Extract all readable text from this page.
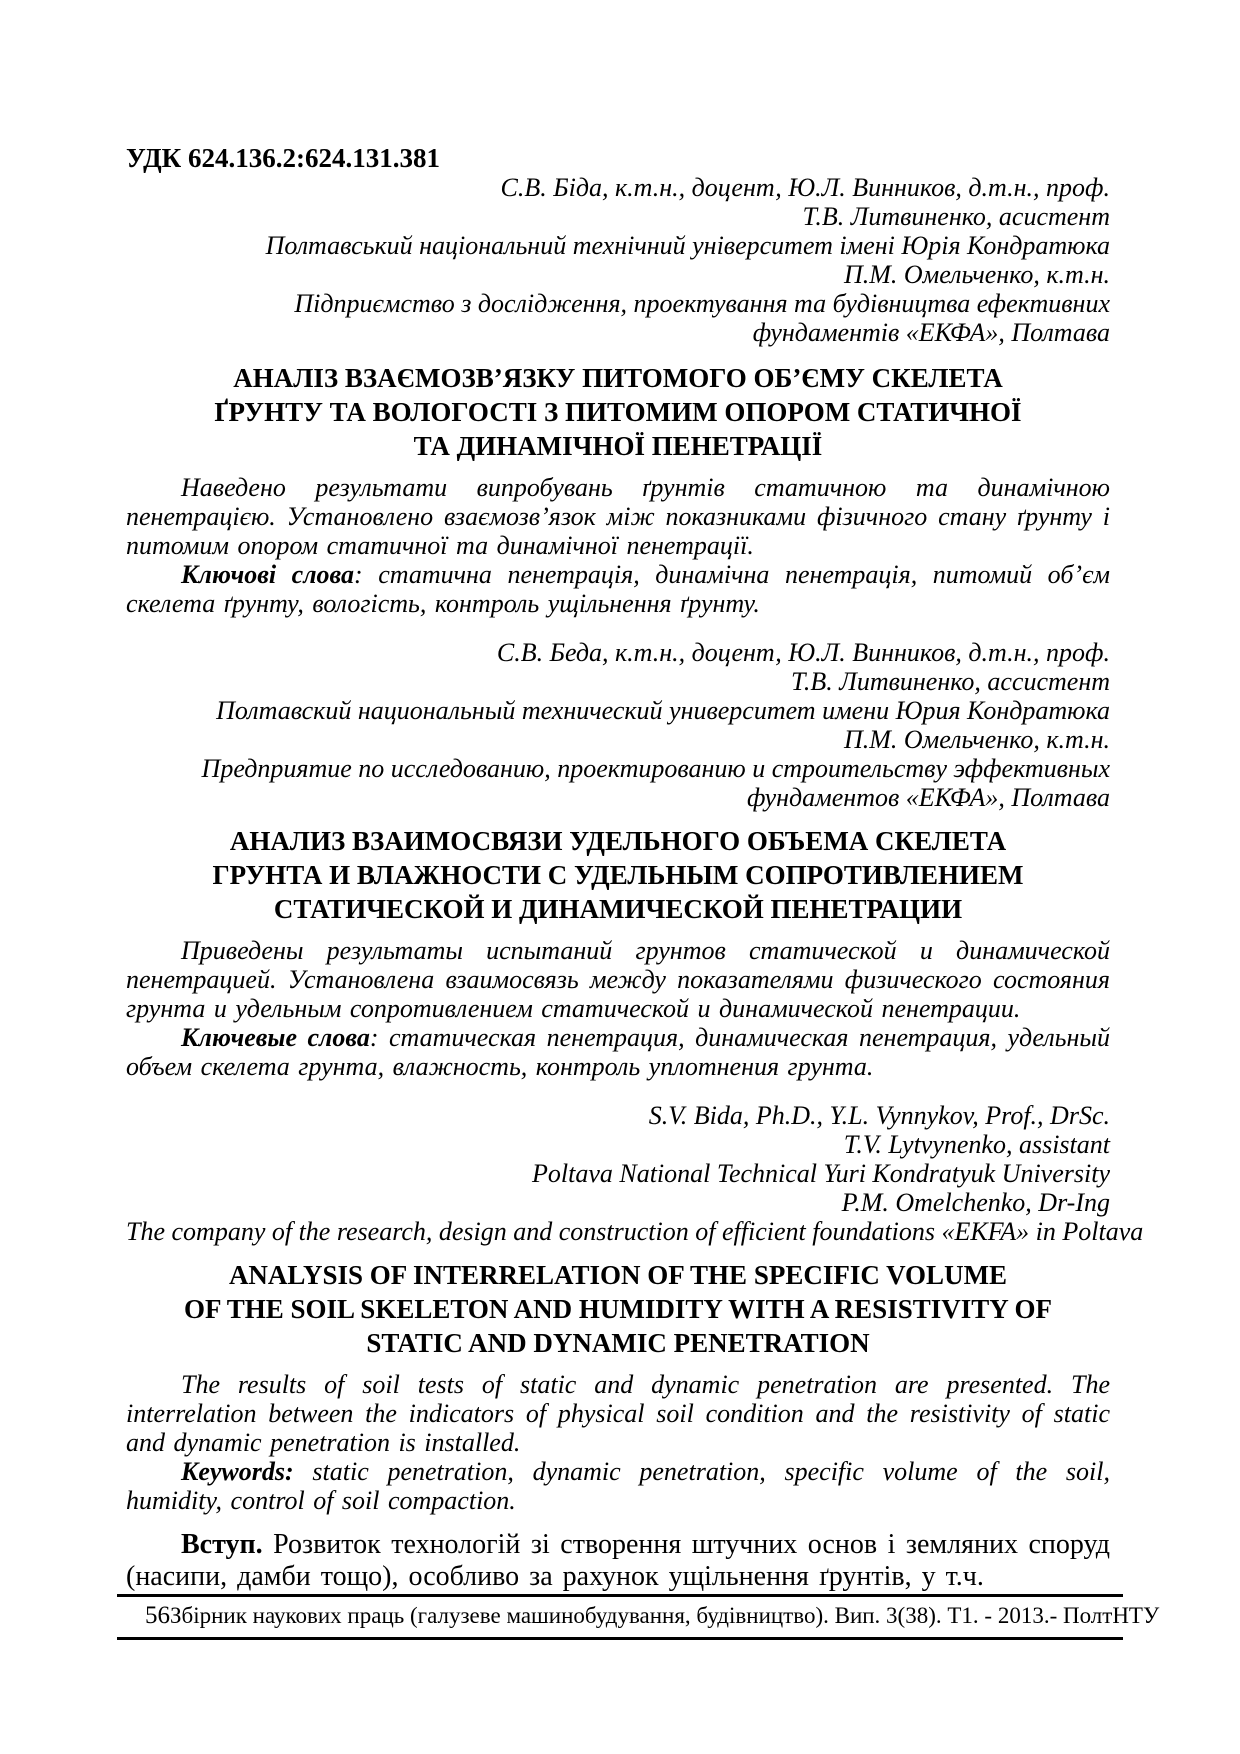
УДК 624.136.2:624.131.381
С.В. Біда, к.т.н., доцент, Ю.Л. Винников, д.т.н., проф.
Т.В. Литвиненко, асистент
Полтавський національний технічний університет імені Юрія Кондратюка
П.М. Омельченко, к.т.н.
Підприємство з дослідження, проектування та будівництва ефективних
фундаментів «ЕКФА», Полтава
АНАЛІЗ ВЗАЄМОЗВ’ЯЗКУ ПИТОМОГО ОБ’ЄМУ СКЕЛЕТА
ҐРУНТУ ТА ВОЛОГОСТІ З ПИТОМИМ ОПОРОМ СТАТИЧНОЇ
ТА ДИНАМІЧНОЇ ПЕНЕТРАЦІЇ

Наведено результати випробувань ґрунтів статичною та динамічною пенетрацією. Установлено взаємозв’язок між показниками фізичного стану ґрунту і питомим опором статичної та динамічної пенетрації.

Ключові слова: статична пенетрація, динамічна пенетрація, питомий об’єм скелета ґрунту, вологість, контроль ущільнення ґрунту.

С.В. Беда, к.т.н., доцент, Ю.Л. Винников, д.т.н., проф.
Т.В. Литвиненко, ассистент
Полтавский национальный технический университет имени Юрия Кондратюка
П.М. Омельченко, к.т.н.
Предприятие по исследованию, проектированию и строительству эффективных
фундаментов «ЕКФА», Полтава
АНАЛИЗ ВЗАИМОСВЯЗИ УДЕЛЬНОГО ОБЪЕМА СКЕЛЕТА
ГРУНТА И ВЛАЖНОСТИ С УДЕЛЬНЫМ СОПРОТИВЛЕНИЕМ
СТАТИЧЕСКОЙ И ДИНАМИЧЕСКОЙ ПЕНЕТРАЦИИ

Приведены результаты испытаний грунтов статической и динамической пенетрацией. Установлена взаимосвязь между показателями физического состояния грунта и удельным сопротивлением статической и динамической пенетрации.

Ключевые слова: статическая пенетрация, динамическая пенетрация, удельный объем скелета грунта, влажность, контроль уплотнения грунта.

S.V. Bida, Ph.D., Y.L. Vynnykov, Prof., DrSc.
T.V. Lytvynenko, assistant
Poltava National Technical Yuri Kondratyuk University
P.M. Omelchenko, Dr-Ing
The company of the research, design and construction of efficient foundations «EKFA» in Poltava
ANALYSIS OF INTERRELATION OF THE SPECIFIC VOLUME
OF THE SOIL SKELETON AND HUMIDITY WITH A RESISTIVITY OF
STATIC AND DYNAMIC PENETRATION

The results of soil tests of static and dynamic penetration are presented. The interrelation between the indicators of physical soil condition and the resistivity of static and dynamic penetration is installed.

Keywords: static penetration, dynamic penetration, specific volume of the soil, humidity, control of soil compaction.

Вступ. Розвиток технологій зі створення штучних основ і земляних споруд (насипи, дамби тощо), особливо за рахунок ущільнення ґрунтів, у т.ч.

56 Збірник наукових праць (галузеве машинобудування, будівництво). Вип. 3(38). Т1. - 2013.- ПолтНТУ
